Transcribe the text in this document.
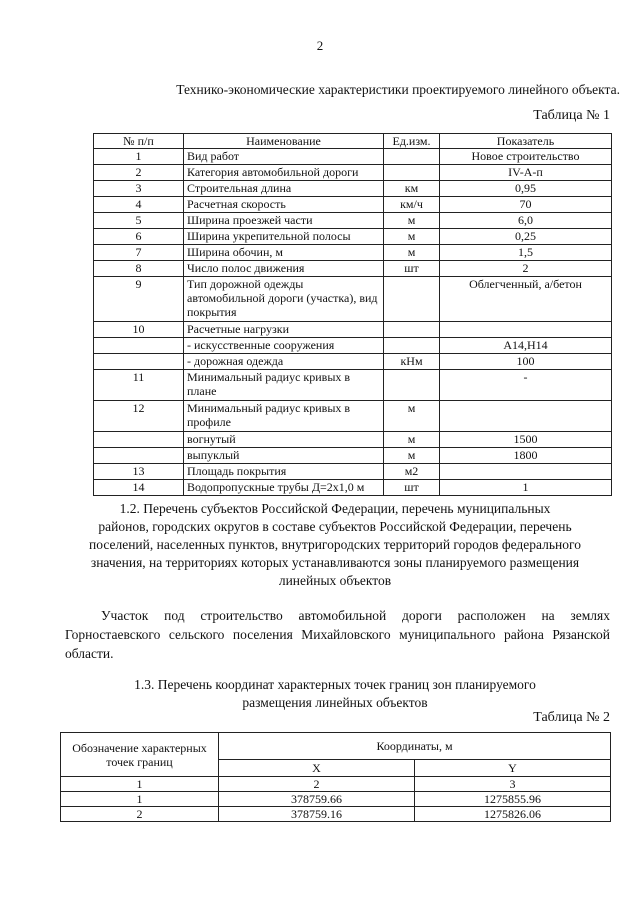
2
Технико-экономические характеристики проектируемого линейного объекта.
Таблица № 1
№ п/п	Наименование	Ед.изм.	Показатель
1	Вид работ		Новое строительство
2	Категория автомобильной дороги		IV-А-п
3	Строительная длина	км	0,95
4	Расчетная скорость	км/ч	70
5	Ширина проезжей части	м	6,0
6	Ширина укрепительной полосы	м	0,25
7	Ширина обочин, м	м	1,5
8	Число полос движения	шт	2
9	Тип дорожной одежды автомобильной дороги (участка), вид покрытия		Облегченный, а/бетон
10	Расчетные нагрузки		
	- искусственные сооружения		А14,Н14
	- дорожная одежда	кНм	100
11	Минимальный радиус кривых в плане		-
12	Минимальный радиус кривых в профиле	м	
	вогнутый	м	1500
	выпуклый	м	1800
13	Площадь покрытия	м2	
14	Водопропускные трубы Д=2х1,0 м	шт	1
1.2. Перечень субъектов Российской Федерации, перечень муниципальных
районов, городских округов в составе субъектов Российской Федерации, перечень
поселений, населенных пунктов, внутригородских территорий городов федерального
значения, на территориях которых устанавливаются зоны планируемого размещения
линейных объектов
Участок под строительство автомобильной дороги расположен на землях Горностаевского сельского поселения Михайловского муниципального района Рязанской области.
1.3. Перечень координат характерных точек границ зон планируемого
размещения линейных объектов
Таблица № 2
Обозначение характерных точек границ	Координаты, м	
	X	Y
1	2	3
1	378759.66	1275855.96
2	378759.16	1275826.06
